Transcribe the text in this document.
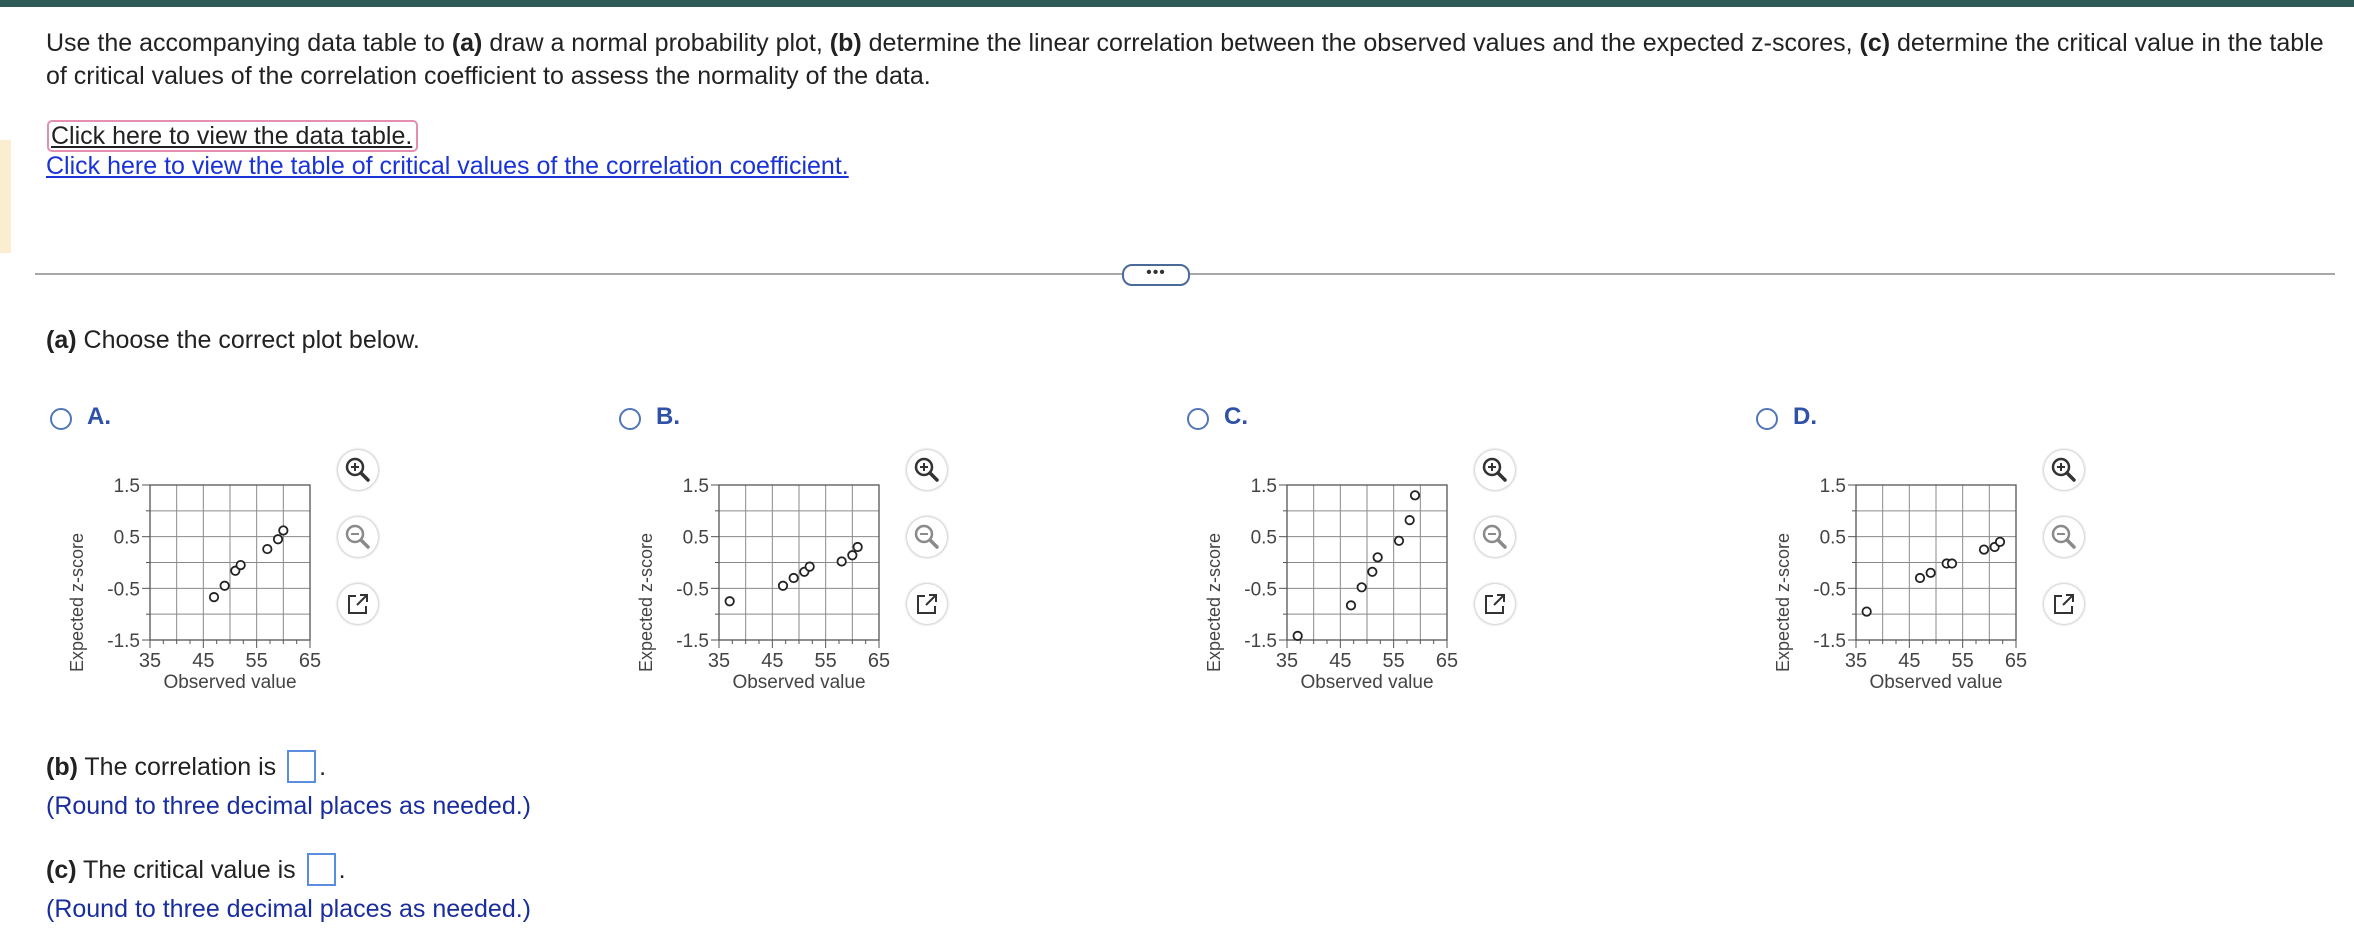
Use the accompanying data table to (a) draw a normal probability plot, (b) determine the linear correlation between the observed values and the expected z-scores, (c) determine the critical value in the table of critical values of the correlation coefficient to assess the normality of the data.
Click here to view the data table.
Click here to view the table of critical values of the correlation coefficient.
•••
(a) Choose the correct plot below.
A.
35 45 55 65
1.5
0.5
-0.5
-1.5
Observed value
Expected z-score
B.
35 45 55 65
1.5
0.5
-0.5
-1.5
Observed value
Expected z-score
C.
35 45 55 65
1.5
0.5
-0.5
-1.5
Observed value
Expected z-score
D.
35 45 55 65
1.5
0.5
-0.5
-1.5
Observed value
Expected z-score
(b) The correlation is .
(Round to three decimal places as needed.)
(c) The critical value is .
(Round to three decimal places as needed.)
